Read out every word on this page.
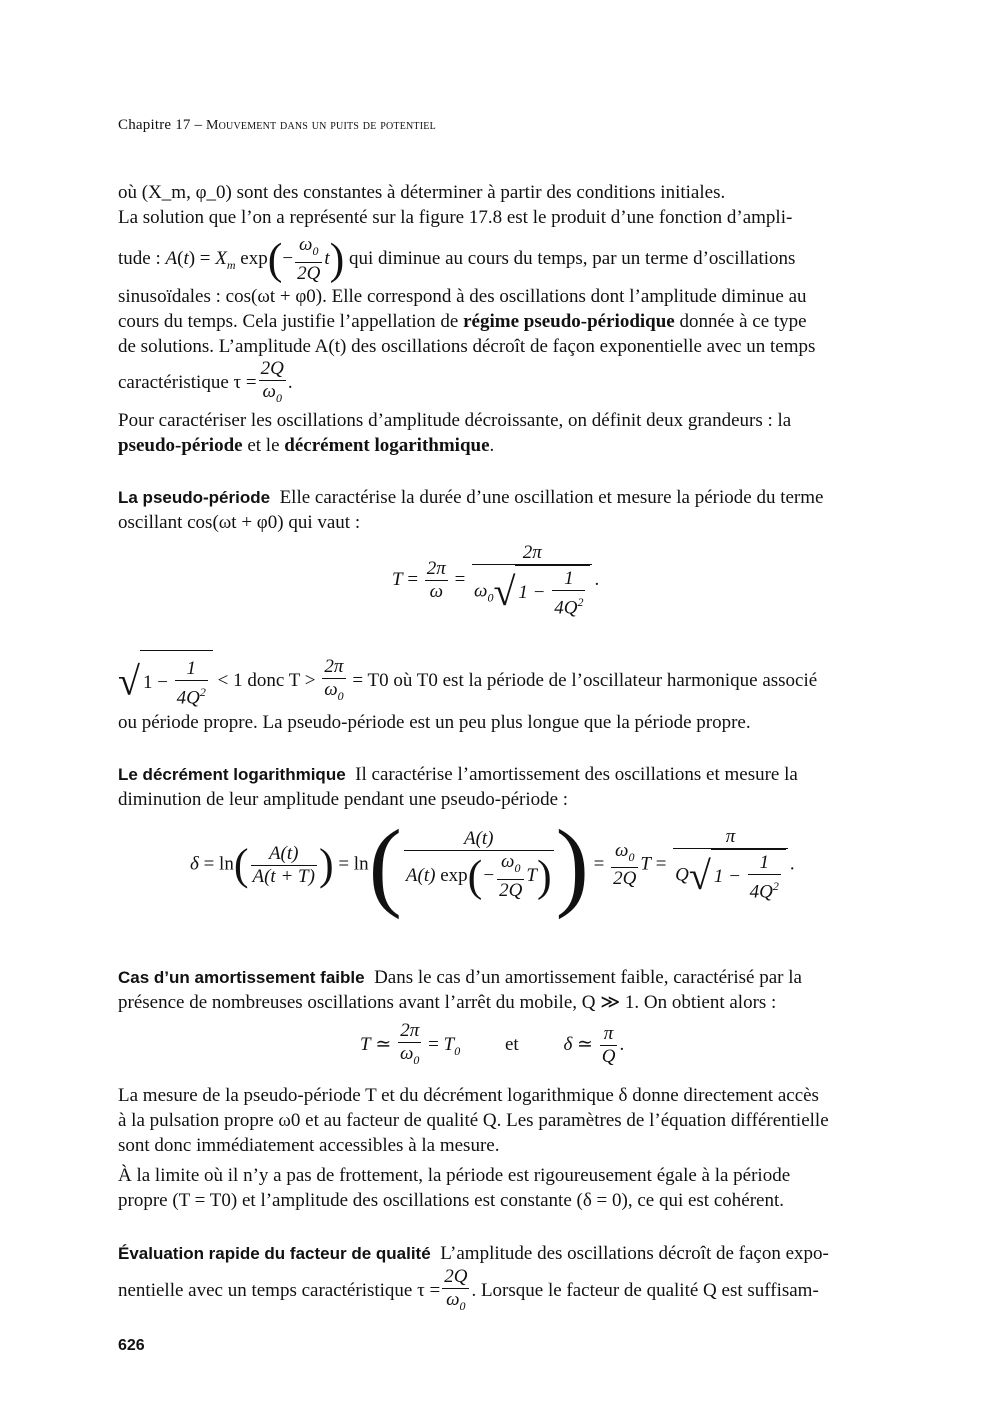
Chapitre 17 – Mouvement dans un puits de potentiel

où (X_m, φ_0) sont des constantes à déterminer à partir des conditions initiales.

La solution que l’on a représenté sur la figure 17.8 est le produit d’une fonction d’ampli-

tude : $A(t) = X_m$ $\exp(- \frac{\omega_0}{2Q} t)$ qui diminue au cours du temps, par un terme d’oscillations

sinusoïdales : cos(ωt + φ0). Elle correspond à des oscillations dont l’amplitude diminue au

cours du temps. Cela justifie l’appellation de régime pseudo-périodique donnée à ce type

de solutions. L’amplitude A(t) des oscillations décroît de façon exponentielle avec un temps

caractéristique $\tau = \frac{2Q}{\omega_0}$ .

Pour caractériser les oscillations d’amplitude décroissante, on définit deux grandeurs : la

pseudo-période et le décrément logarithmique.

La pseudo-période Elle caractérise la durée d’une oscillation et mesure la période du terme

oscillant cos(ωt + φ0) qui vaut :

$T = \frac{2\pi}{\omega} = \frac{2\pi}{\omega_0√ 1 - \frac{1}{4Q^2}}$ .

√ $1 - \frac{1}{4Q^2} < 1$ donc $T > \frac{2\pi}{\omega_0} = T0$ où T0 est la période de l’oscillateur harmonique associé

ou période propre. La pseudo-période est un peu plus longue que la période propre.

Le décrément logarithmique Il caractérise l’amortissement des oscillations et mesure la

diminution de leur amplitude pendant une pseudo-période :

$\delta = \ln( \frac{A(t)}{A(t + T)}$ ) = $\ln( \frac{A(t)}{A(t) \exp(- \frac{\omega_0}{2Q} T)}$ ) = $\frac{\omega_0}{2Q}$ $T = \frac{\pi}{Q√ 1 - \frac{1}{4Q^2}}$ .

Cas d’un amortissement faible Dans le cas d’un amortissement faible, caractérisé par la

présence de nombreuses oscillations avant l’arrêt du mobile, Q ≫ 1. On obtient alors :

T ≃ $\frac{2\pi}{\omega_0} = T_0$ et δ ≃ $\frac{\pi}{Q}$ .

La mesure de la pseudo-période T et du décrément logarithmique δ donne directement accès

à la pulsation propre ω0 et au facteur de qualité Q. Les paramètres de l’équation différentielle

sont donc immédiatement accessibles à la mesure.

À la limite où il n’y a pas de frottement, la période est rigoureusement égale à la période

propre (T = T0) et l’amplitude des oscillations est constante (δ = 0), ce qui est cohérent.

Évaluation rapide du facteur de qualité L’amplitude des oscillations décroît de façon expo-

nentielle avec un temps caractéristique $\tau = \frac{2Q}{\omega_0}$ . Lorsque le facteur de qualité Q est suffisam-

626
